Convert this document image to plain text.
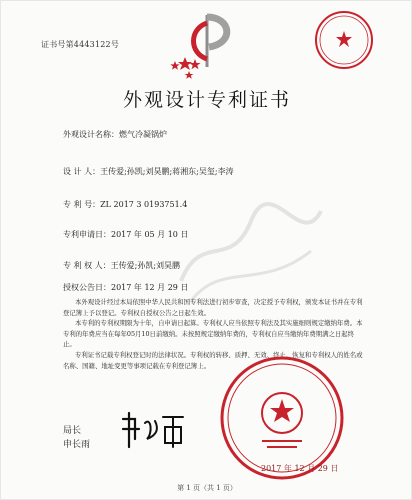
证书号第4443122号
外观设计专利证书
外观设计名称：燃气冷凝锅炉
设 计 人：王传爱;孙凯;刘昊鹏;蒋湘东;吴玺;李涛
专 利 号：ZL 2017 3 0193751.4
专利申请日：2017 年 05 月 10 日
专 利 权 人：王传爱;孙凯;刘昊鹏
授权公告日：2017 年 12 月 29 日

本外观设计经过本局依照中华人民共和国专利法进行初步审查，决定授予专利权，颁发本证书并在专利登记簿上予以登记。专利权自授权公告之日起生效。

本专利的专利权期限为十年，自申请日起算。专利权人应当依照专利法及其实施细则规定缴纳年费。本专利的年费应当在每年05月10日前缴纳。未按照规定缴纳年费的，专利权自应当缴纳年费期满之日起终止。

专利证书记载专利权登记时的法律状况。专利权的转移、质押、无效、终止、恢复和专利权人的姓名或名称、国籍、地址变更等事项记载在专利登记簿上。

局长
申长雨
2017 年 12 月 29 日
第 1 页（共 1 页）
